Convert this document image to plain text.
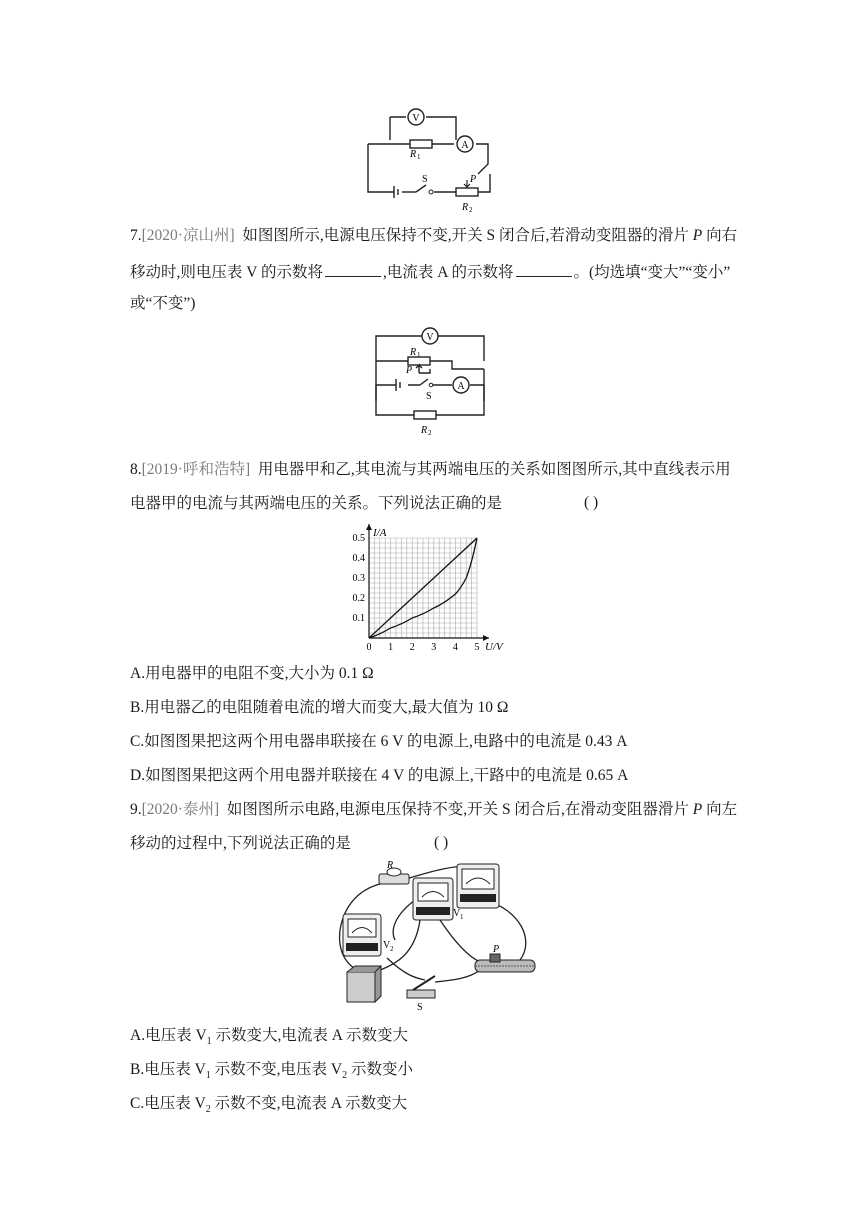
V
A
R 1
R 2
S	P
7.[2020·凉山州] 如图图所示,电源电压保持不变,开关 S 闭合后,若滑动变阻器的滑片 P 向右
移动时,则电压表 V 的示数将	,电流表 A 的示数将	。(均选填“变大”“变小”
或“不变”)
V
A
R 1
P
S
R 2
8.[2019·呼和浩特] 用电器甲和乙,其电流与其两端电压的关系如图图所示,其中直线表示用
电器甲的电流与其两端电压的关系。下列说法正确的是	( )
0 1 2 3 4 5
0.1
0.2
0.3
0.4
0.5 I/A
U/V
A.用电器甲的电阻不变,大小为 0.1 Ω
B.用电器乙的电阻随着电流的增大而变大,最大值为 10 Ω
C.如图图果把这两个用电器串联接在 6 V 的电源上,电路中的电流是 0.43 A
D.如图图果把这两个用电器并联接在 4 V 的电源上,干路中的电流是 0.65 A
9.[2020·泰州] 如图图所示电路,电源电压保持不变,开关 S 闭合后,在滑动变阻器滑片 P 向左
移动的过程中,下列说法正确的是	( )
R
V 1
V 2	P
S
A.电压表 $V_1$ 示数变大,电流表 A 示数变大
B.电压表 $V_1$ 示数不变,电压表 $V_2$ 示数变小
C.电压表 $V_2$ 示数不变,电流表 A 示数变大
